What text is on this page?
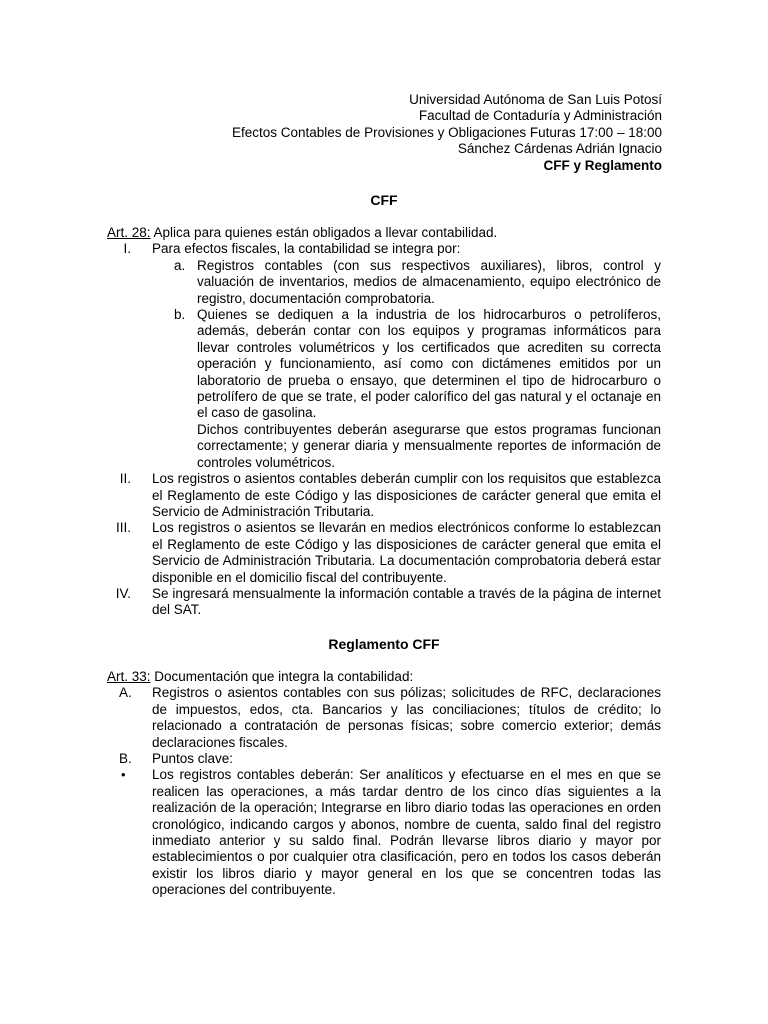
Universidad Autónoma de San Luis Potosí
Facultad de Contaduría y Administración
Efectos Contables de Provisiones y Obligaciones Futuras 17:00 – 18:00
Sánchez Cárdenas Adrián Ignacio
CFF y Reglamento
CFF
Art. 28: Aplica para quienes están obligados a llevar contabilidad.
I. Para efectos fiscales, la contabilidad se integra por:
a. Registros contables (con sus respectivos auxiliares), libros, control y valuación de inventarios, medios de almacenamiento, equipo electrónico de registro, documentación comprobatoria.
b. Quienes se dediquen a la industria de los hidrocarburos o petrolíferos, además, deberán contar con los equipos y programas informáticos para llevar controles volumétricos y los certificados que acrediten su correcta operación y funcionamiento, así como con dictámenes emitidos por un laboratorio de prueba o ensayo, que determinen el tipo de hidrocarburo o petrolífero de que se trate, el poder calorífico del gas natural y el octanaje en el caso de gasolina.
Dichos contribuyentes deberán asegurarse que estos programas funcionan correctamente; y generar diaria y mensualmente reportes de información de controles volumétricos.
II. Los registros o asientos contables deberán cumplir con los requisitos que establezca el Reglamento de este Código y las disposiciones de carácter general que emita el Servicio de Administración Tributaria.
III. Los registros o asientos se llevarán en medios electrónicos conforme lo establezcan el Reglamento de este Código y las disposiciones de carácter general que emita el Servicio de Administración Tributaria. La documentación comprobatoria deberá estar disponible en el domicilio fiscal del contribuyente.
IV. Se ingresará mensualmente la información contable a través de la página de internet del SAT.
Reglamento CFF
Art. 33: Documentación que integra la contabilidad:
A. Registros o asientos contables con sus pólizas; solicitudes de RFC, declaraciones de impuestos, edos, cta. Bancarios y las conciliaciones; títulos de crédito; lo relacionado a contratación de personas físicas; sobre comercio exterior; demás declaraciones fiscales.
B. Puntos clave:
• Los registros contables deberán: Ser analíticos y efectuarse en el mes en que se realicen las operaciones, a más tardar dentro de los cinco días siguientes a la realización de la operación; Integrarse en libro diario todas las operaciones en orden cronológico, indicando cargos y abonos, nombre de cuenta, saldo final del registro inmediato anterior y su saldo final. Podrán llevarse libros diario y mayor por establecimientos o por cualquier otra clasificación, pero en todos los casos deberán existir los libros diario y mayor general en los que se concentren todas las operaciones del contribuyente.
